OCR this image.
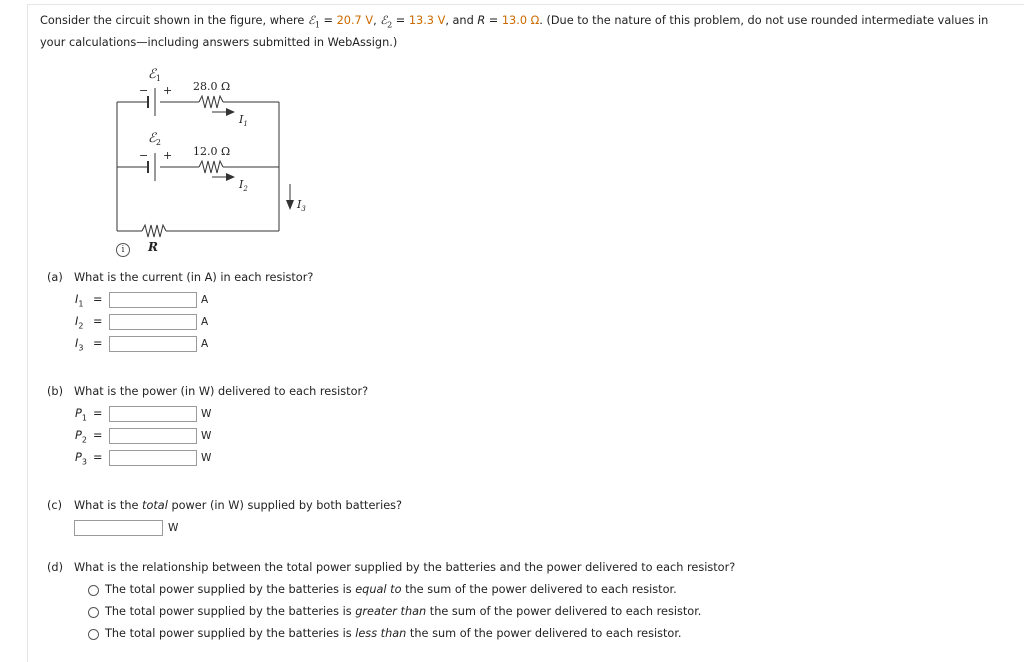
Consider the circuit shown in the figure, where ℰ$_1$ = 20.7 V, ℰ$_2$ = 13.3 V, and R = 13.0 Ω. (Due to the nature of this problem, do not use rounded intermediate values in your calculations—including answers submitted in WebAssign.)
ℰ$_1$
− + 28.0 Ω
$I_1$
ℰ$_2$
− + 12.0 Ω
$I_2$
$I_3$
R
i
(a) What is the current (in A) in each resistor?
$I_1$ =	A
$I_2$ =	A
$I_3$ =	A
(b) What is the power (in W) delivered to each resistor?
$P_1$ =	W
$P_2$ =	W
$P_3$ =	W
(c) What is the total power (in W) supplied by both batteries?
W
(d) What is the relationship between the total power supplied by the batteries and the power delivered to each resistor?
The total power supplied by the batteries is equal to the sum of the power delivered to each resistor.
The total power supplied by the batteries is greater than the sum of the power delivered to each resistor.
The total power supplied by the batteries is less than the sum of the power delivered to each resistor.
